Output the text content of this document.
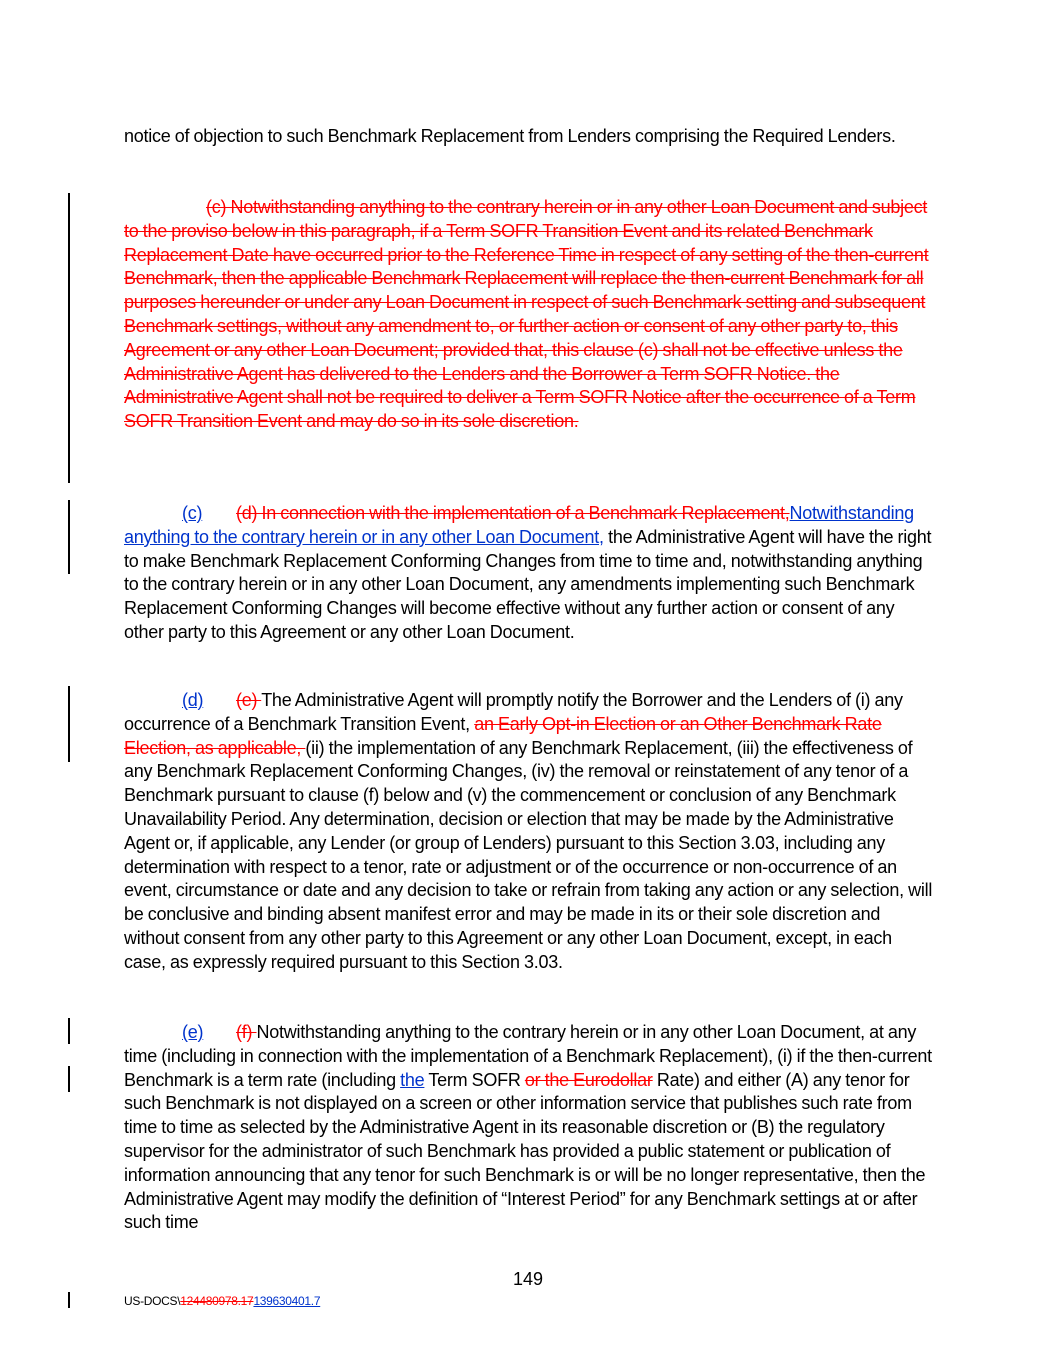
notice of objection to such Benchmark Replacement from Lenders comprising the Required Lenders.
(c) Notwithstanding anything to the contrary herein or in any other Loan Document and subject to the proviso below in this paragraph, if a Term SOFR Transition Event and its related Benchmark Replacement Date have occurred prior to the Reference Time in respect of any setting of the then-current Benchmark, then the applicable Benchmark Replacement will replace the then-current Benchmark for all purposes hereunder or under any Loan Document in respect of such Benchmark setting and subsequent Benchmark settings, without any amendment to, or further action or consent of any other party to, this Agreement or any other Loan Document; provided that, this clause (c) shall not be effective unless the Administrative Agent has delivered to the Lenders and the Borrower a Term SOFR Notice. the Administrative Agent shall not be required to deliver a Term SOFR Notice after the occurrence of a Term SOFR Transition Event and may do so in its sole discretion.
(c) (d) In connection with the implementation of a Benchmark Replacement,Notwithstanding anything to the contrary herein or in any other Loan Document, the Administrative Agent will have the right to make Benchmark Replacement Conforming Changes from time to time and, notwithstanding anything to the contrary herein or in any other Loan Document, any amendments implementing such Benchmark Replacement Conforming Changes will become effective without any further action or consent of any other party to this Agreement or any other Loan Document.
(d) (e) The Administrative Agent will promptly notify the Borrower and the Lenders of (i) any occurrence of a Benchmark Transition Event, an Early Opt-in Election or an Other Benchmark Rate Election, as applicable, (ii) the implementation of any Benchmark Replacement, (iii) the effectiveness of any Benchmark Replacement Conforming Changes, (iv) the removal or reinstatement of any tenor of a Benchmark pursuant to clause (f) below and (v) the commencement or conclusion of any Benchmark Unavailability Period. Any determination, decision or election that may be made by the Administrative Agent or, if applicable, any Lender (or group of Lenders) pursuant to this Section 3.03, including any determination with respect to a tenor, rate or adjustment or of the occurrence or non-occurrence of an event, circumstance or date and any decision to take or refrain from taking any action or any selection, will be conclusive and binding absent manifest error and may be made in its or their sole discretion and without consent from any other party to this Agreement or any other Loan Document, except, in each case, as expressly required pursuant to this Section 3.03.
(e) (f) Notwithstanding anything to the contrary herein or in any other Loan Document, at any time (including in connection with the implementation of a Benchmark Replacement), (i) if the then-current Benchmark is a term rate (including the Term SOFR or the Eurodollar Rate) and either (A) any tenor for such Benchmark is not displayed on a screen or other information service that publishes such rate from time to time as selected by the Administrative Agent in its reasonable discretion or (B) the regulatory supervisor for the administrator of such Benchmark has provided a public statement or publication of information announcing that any tenor for such Benchmark is or will be no longer representative, then the Administrative Agent may modify the definition of “Interest Period” for any Benchmark settings at or after such time
149
US-DOCS\124480978.17139630401.7
